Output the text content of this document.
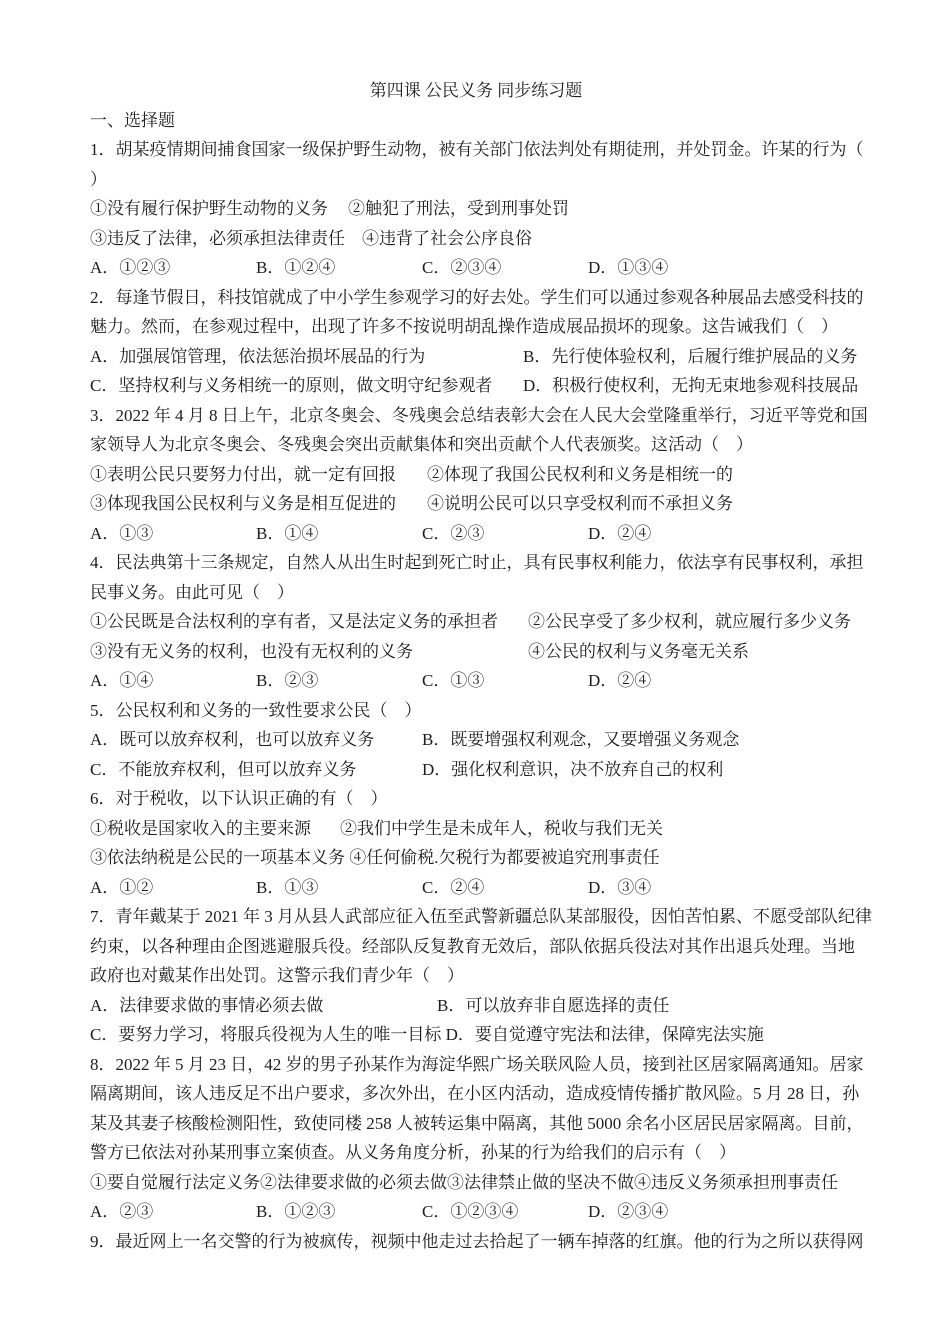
第四课 公民义务 同步练习题
一、选择题
1．胡某疫情期间捕食国家一级保护野生动物，被有关部门依法判处有期徒刑，并处罚金。许某的行为（
）
①没有履行保护野生动物的义务 ②触犯了刑法，受到刑事处罚
③违反了法律，必须承担法律责任　④违背了社会公序良俗
A．①②③	B．①②④	C．②③④	D．①③④
2．每逢节假日，科技馆就成了中小学生参观学习的好去处。学生们可以通过参观各种展品去感受科技的
魅力。然而，在参观过程中，出现了许多不按说明胡乱操作造成展品损坏的现象。这告诫我们（　）
A．加强展馆管理，依法惩治损坏展品的行为	B．先行使体验权利，后履行维护展品的义务
C．坚持权利与义务相统一的原则，做文明守纪参观者 D．积极行使权利，无拘无束地参观科技展品
3．2022 年 4 月 8 日上午，北京冬奥会、冬残奥会总结表彰大会在人民大会堂隆重举行，习近平等党和国
家领导人为北京冬奥会、冬残奥会突出贡献集体和突出贡献个人代表颁奖。这活动（　）
①表明公民只要努力付出，就一定有回报 ②体现了我国公民权利和义务是相统一的
③体现我国公民权利与义务是相互促进的 ④说明公民可以只享受权利而不承担义务
A．①③	B．①④	C．②③	D．②④
4．民法典第十三条规定，自然人从出生时起到死亡时止，具有民事权利能力，依法享有民事权利，承担
民事义务。由此可见（　）
①公民既是合法权利的享有者，又是法定义务的承担者 ②公民享受了多少权利，就应履行多少义务
③没有无义务的权利，也没有无权利的义务	④公民的权利与义务毫无关系
A．①④	B．②③	C．①③	D．②④
5．公民权利和义务的一致性要求公民（　）
A．既可以放弃权利，也可以放弃义务	B．既要增强权利观念，又要增强义务观念
C．不能放弃权利，但可以放弃义务	D．强化权利意识，决不放弃自己的权利
6．对于税收，以下认识正确的有（　）
①税收是国家收入的主要来源 ②我们中学生是未成年人，税收与我们无关
③依法纳税是公民的一项基本义务 ④任何偷税.欠税行为都要被追究刑事责任
A．①②	B．①③	C．②④	D．③④
7．青年戴某于 2021 年 3 月从县人武部应征入伍至武警新疆总队某部服役，因怕苦怕累、不愿受部队纪律
约束，以各种理由企图逃避服兵役。经部队反复教育无效后，部队依据兵役法对其作出退兵处理。当地
政府也对戴某作出处罚。这警示我们青少年（　）
A．法律要求做的事情必须去做	B．可以放弃非自愿选择的责任
C．要努力学习，将服兵役视为人生的唯一目标 D．要自觉遵守宪法和法律，保障宪法实施
8．2022 年 5 月 23 日，42 岁的男子孙某作为海淀华熙广场关联风险人员，接到社区居家隔离通知。居家
隔离期间，该人违反足不出户要求，多次外出，在小区内活动，造成疫情传播扩散风险。5 月 28 日，孙
某及其妻子核酸检测阳性，致使同楼 258 人被转运集中隔离，其他 5000 余名小区居民居家隔离。目前，
警方已依法对孙某刑事立案侦查。从义务角度分析，孙某的行为给我们的启示有（　）
①要自觉履行法定义务②法律要求做的必须去做③法律禁止做的坚决不做④违反义务须承担刑事责任
A．②③	B．①②③	C．①②③④	D．②③④
9．最近网上一名交警的行为被疯传，视频中他走过去拾起了一辆车掉落的红旗。他的行为之所以获得网
